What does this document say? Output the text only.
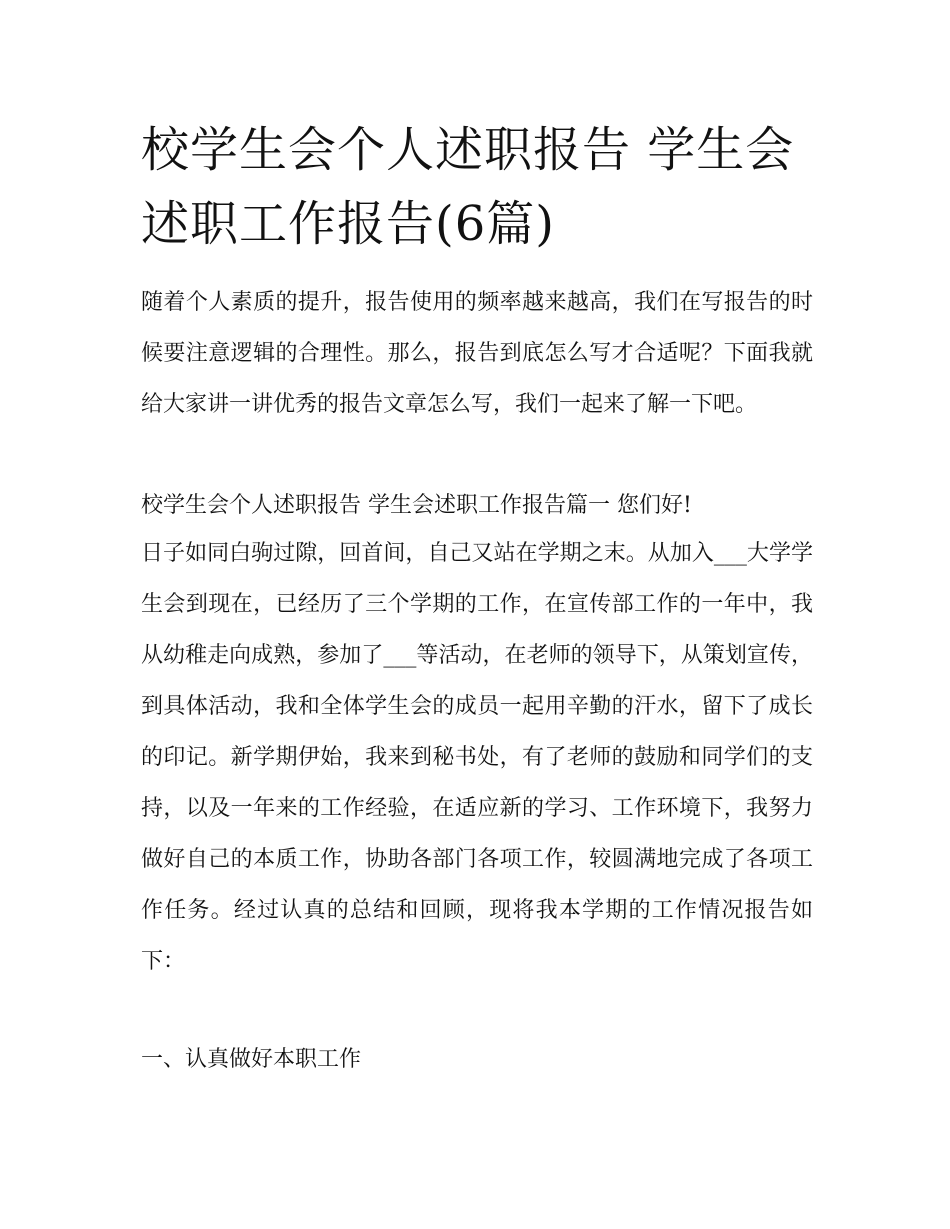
校学生会个人述职报告 学生会述职工作报告(6篇)

随着个人素质的提升，报告使用的频率越来越高，我们在写报告的时候要注意逻辑的合理性。那么，报告到底怎么写才合适呢？下面我就给大家讲一讲优秀的报告文章怎么写，我们一起来了解一下吧。

校学生会个人述职报告 学生会述职工作报告篇一 您们好!

日子如同白驹过隙，回首间，自己又站在学期之末。从加入___大学学生会到现在，已经历了三个学期的工作，在宣传部工作的一年中，我从幼稚走向成熟，参加了___等活动，在老师的领导下，从策划宣传，到具体活动，我和全体学生会的成员一起用辛勤的汗水，留下了成长的印记。新学期伊始，我来到秘书处，有了老师的鼓励和同学们的支持，以及一年来的工作经验，在适应新的学习、工作环境下，我努力做好自己的本质工作，协助各部门各项工作，较圆满地完成了各项工作任务。经过认真的总结和回顾，现将我本学期的工作情况报告如下：

一、认真做好本职工作
